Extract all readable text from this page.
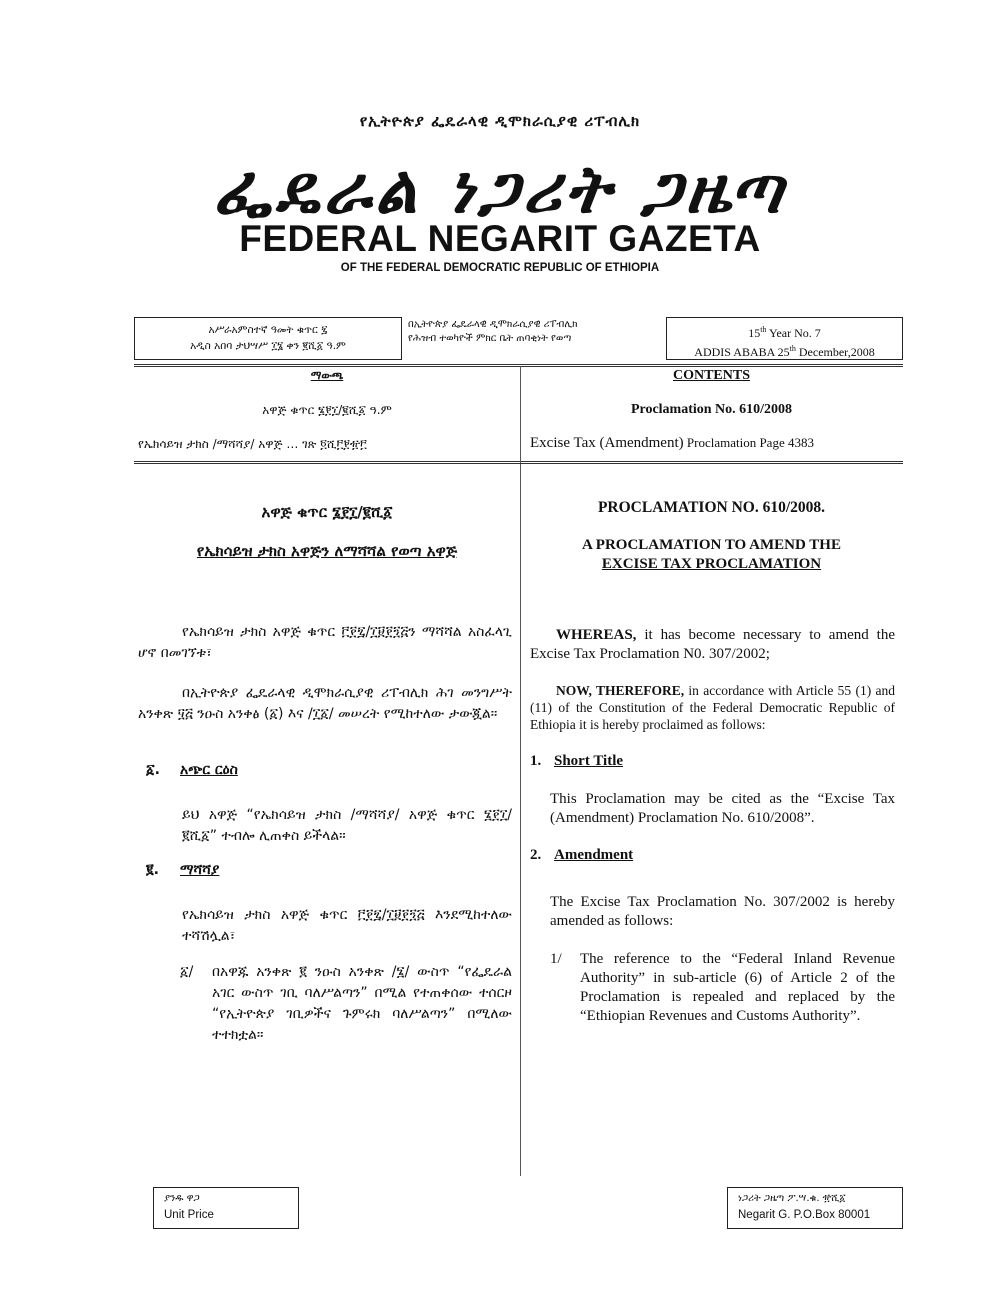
የኢትዮጵያ ፌዴራላዊ ዲሞክራሲያዊ ሪፐብሊክ
ፌዴራል ነጋሪት ጋዜጣ
FEDERAL NEGARIT GAZETA
OF THE FEDERAL DEMOCRATIC REPUBLIC OF ETHIOPIA
አሥራአምስተኛ ዓመት ቁጥር ፯
አዲስ አበባ ታህሣሥ ፲፮ ቀን ፪ሺ፩ ዓ.ም
በኢትዮጵያ ፌዴራላዊ ዲሞክራሲያዊ ሪፐብሊክ
የሕዝብ ተወካዮች ምክር ቤት ጠባቂነት የወጣ	15th Year No. 7
ADDIS ABABA 25th December,2008
ማውጫ	CONTENTS
አዋጅ ቁጥር ፮፻፲/፪ሺ፩ ዓ.ም	Proclamation No. 610/2008
የኤክሳይዝ ታክስ /ማሻሻያ/ አዋጅ … ገጽ ፬ሺ፫፻፹፫	Excise Tax (Amendment) Proclamation Page 4383
አዋጅ ቁጥር ፮፻፲/፪ሺ፩
የኤክሳይዝ ታክስ አዋጅን ለማሻሻል የወጣ አዋጅ
የኤክሳይዝ ታክስ አዋጅ ቁጥር ፫፻፯/፲፱፻፺፭ን ማሻሻል አስፈላጊ ሆኖ በመገኘቱ፣
በኢትዮጵያ ፌዴራላዊ ዲሞክራሲያዊ ሪፐብሊክ ሕገ መንግሥት አንቀጽ ፶፭ ንዑስ አንቀፅ (፩) እና /፲፩/ መሠረት የሚከተለው ታውጇል።
፩. አጭር ርዕስ
ይህ አዋጅ “የኤክሳይዝ ታክስ /ማሻሻያ/ አዋጅ ቁጥር ፮፻፲/፪ሺ፩” ተብሎ ሊጠቀስ ይችላል።
፪. ማሻሻያ
የኤክሳይዝ ታክስ አዋጅ ቁጥር ፫፻፯/፲፱፻፺፭ እንደሚከተለው ተሻሽሏል፣
፩/ በአዋጁ አንቀጽ ፪ ንዑስ አንቀጽ /፮/ ውስጥ “የፌዴራል አገር ውስጥ ገቢ ባለሥልጣን” በሚል የተጠቀሰው ተሰርዞ “የኢትዮጵያ ገቢዎችና ጉምሩክ ባለሥልጣን” በሚለው ተተክቷል።
PROCLAMATION NO. 610/2008.
A PROCLAMATION TO AMEND THE
EXCISE TAX PROCLAMATION
WHEREAS, it has become necessary to amend the Excise Tax Proclamation N0. 307/2002;
NOW, THEREFORE, in accordance with Article 55 (1) and (11) of the Constitution of the Federal Democratic Republic of Ethiopia it is hereby proclaimed as follows:
1. Short Title
This Proclamation may be cited as the “Excise Tax (Amendment) Proclamation No. 610/2008”.
2. Amendment
The Excise Tax Proclamation No. 307/2002 is hereby amended as follows:
1/ The reference to the “Federal Inland Revenue Authority” in sub-article (6) of Article 2 of the Proclamation is repealed and replaced by the “Ethiopian Revenues and Customs Authority”.
ያንዱ ዋጋ
Unit Price
ነጋሪት ጋዜጣ ፖ.ሣ.ቁ. ፹ሺ፩
Negarit G. P.O.Box 80001
